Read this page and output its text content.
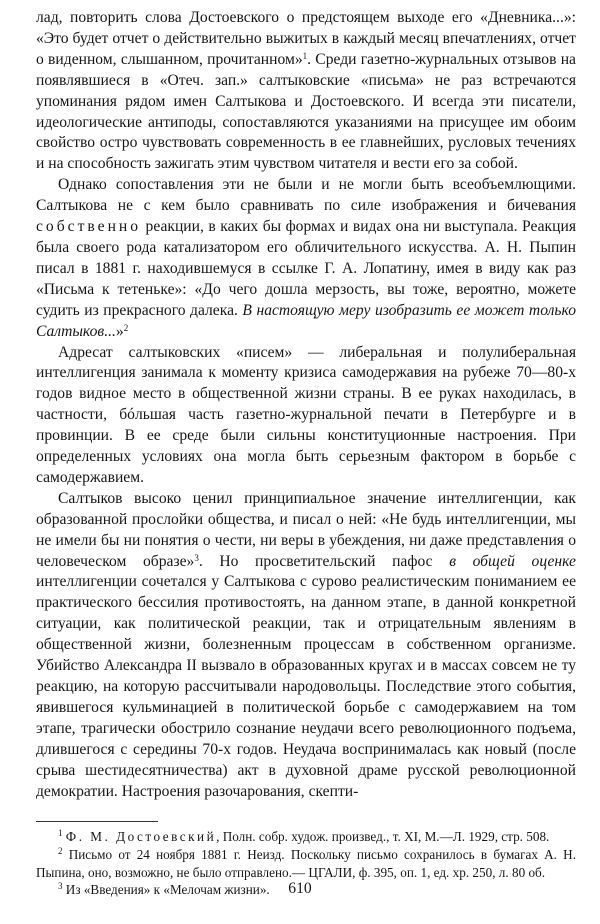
лад, повторить слова Достоевского о предстоящем выходе его «Дневника...»: «Это будет отчет о действительно выжитых в каждый месяц впечатлениях, отчет о виденном, слышанном, прочитанном»$^1$. Среди газетно-журнальных отзывов на появлявшиеся в «Отеч. зап.» салтыковские «письма» не раз встречаются упоминания рядом имен Салтыкова и Достоевского. И всегда эти писатели, идеологические антиподы, сопоставляются указаниями на присущее им обоим свойство остро чувствовать современность в ее главнейших, русловых течениях и на способность зажигать этим чувством читателя и вести его за собой.

Однако сопоставления эти не были и не могли быть всеобъемлющими. Салтыкова не с кем было сравнивать по силе изображения и бичевания собственно реакции, в каких бы формах и видах она ни выступала. Реакция была своего рода катализатором его обличительного искусства. А. Н. Пыпин писал в 1881 г. находившемуся в ссылке Г. А. Лопатину, имея в виду как раз «Письма к тетеньке»: «До чего дошла мерзость, вы тоже, вероятно, можете судить из прекрасного далека. В настоящую меру изобразить ее может только Салтыков...»$^2$

Адресат салтыковских «писем» — либеральная и полулиберальная интеллигенция занимала к моменту кризиса самодержавия на рубеже 70—80-х годов видное место в общественной жизни страны. В ее руках находилась, в частности, бóльшая часть газетно-журнальной печати в Петербурге и в провинции. В ее среде были сильны конституционные настроения. При определенных условиях она могла быть серьезным фактором в борьбе с самодержавием.

Салтыков высоко ценил принципиальное значение интеллигенции, как образованной прослойки общества, и писал о ней: «Не будь интеллигенции, мы не имели бы ни понятия о чести, ни веры в убеждения, ни даже представления о человеческом образе»$^3$. Но просветительский пафос в общей оценке интеллигенции сочетался у Салтыкова с сурово реалистическим пониманием ее практического бессилия противостоять, на данном этапе, в данной конкретной ситуации, как политической реакции, так и отрицательным явлениям в общественной жизни, болезненным процессам в собственном организме. Убийство Александра II вызвало в образованных кругах и в массах совсем не ту реакцию, на которую рассчитывали народовольцы. Последствие этого события, явившегося кульминацией в политической борьбе с самодержавием на том этапе, трагически обострило сознание неудачи всего революционного подъема, длившегося с середины 70-х годов. Неудача воспринималась как новый (после срыва шестидесятничества) акт в духовной драме русской революционной демократии. Настроения разочарования, скепти-

$^1$ Ф. М. Достоевский, Полн. собр. худож. произвед., т. XI, М.—Л. 1929, стр. 508.

$^2$ Письмо от 24 ноября 1881 г. Неизд. Поскольку письмо сохранилось в бумагах А. Н. Пыпина, оно, возможно, не было отправлено.— ЦГАЛИ, ф. 395, оп. 1, ед. хр. 250, л. 80 об.

$^3$ Из «Введения» к «Мелочам жизни».	610
